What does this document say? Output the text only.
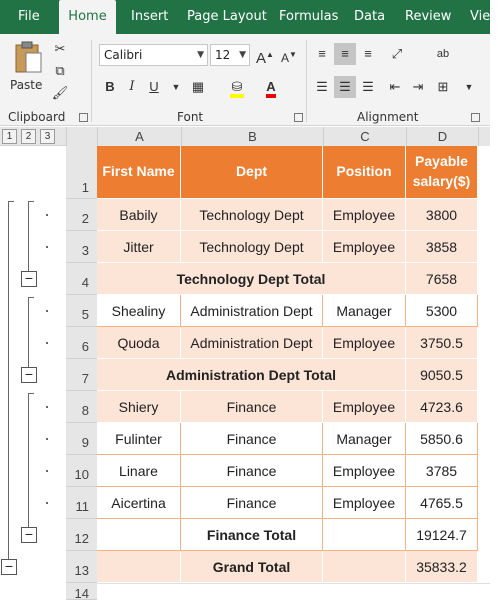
File	Home	Insert Page Layout Formulas Data Review View
Paste
✂
⧉
🖌
Clipboard
Calibri	▼ 12 ▼ A▲ A▼
B	I	U	▼ ▦	⛁	A
Font
≡	≡	≡	⤢	ab
☰ ☰ ☰	⇤ ⇥	⊞	▼
Alignment
1	2	3	A	B	C	D
−
−
−
−
1
2
3
4
5
6
7
8
9
10
11
12
13
14
First Name	Dept	Position
Payable salary($)
Babily	Technology Dept	Employee	3800
Jitter	Technology Dept	Employee	3858
Technology Dept Total	7658
Shealiny	Administration Dept	Manager	5300
Quoda	Administration Dept	Employee	3750.5
Administration Dept Total	9050.5
Shiery	Finance	Employee	4723.6
Fulinter	Finance	Manager	5850.6
Linare	Finance	Employee	3785
Aicertina	Finance	Employee	4765.5
Finance Total	19124.7
Grand Total	35833.2
